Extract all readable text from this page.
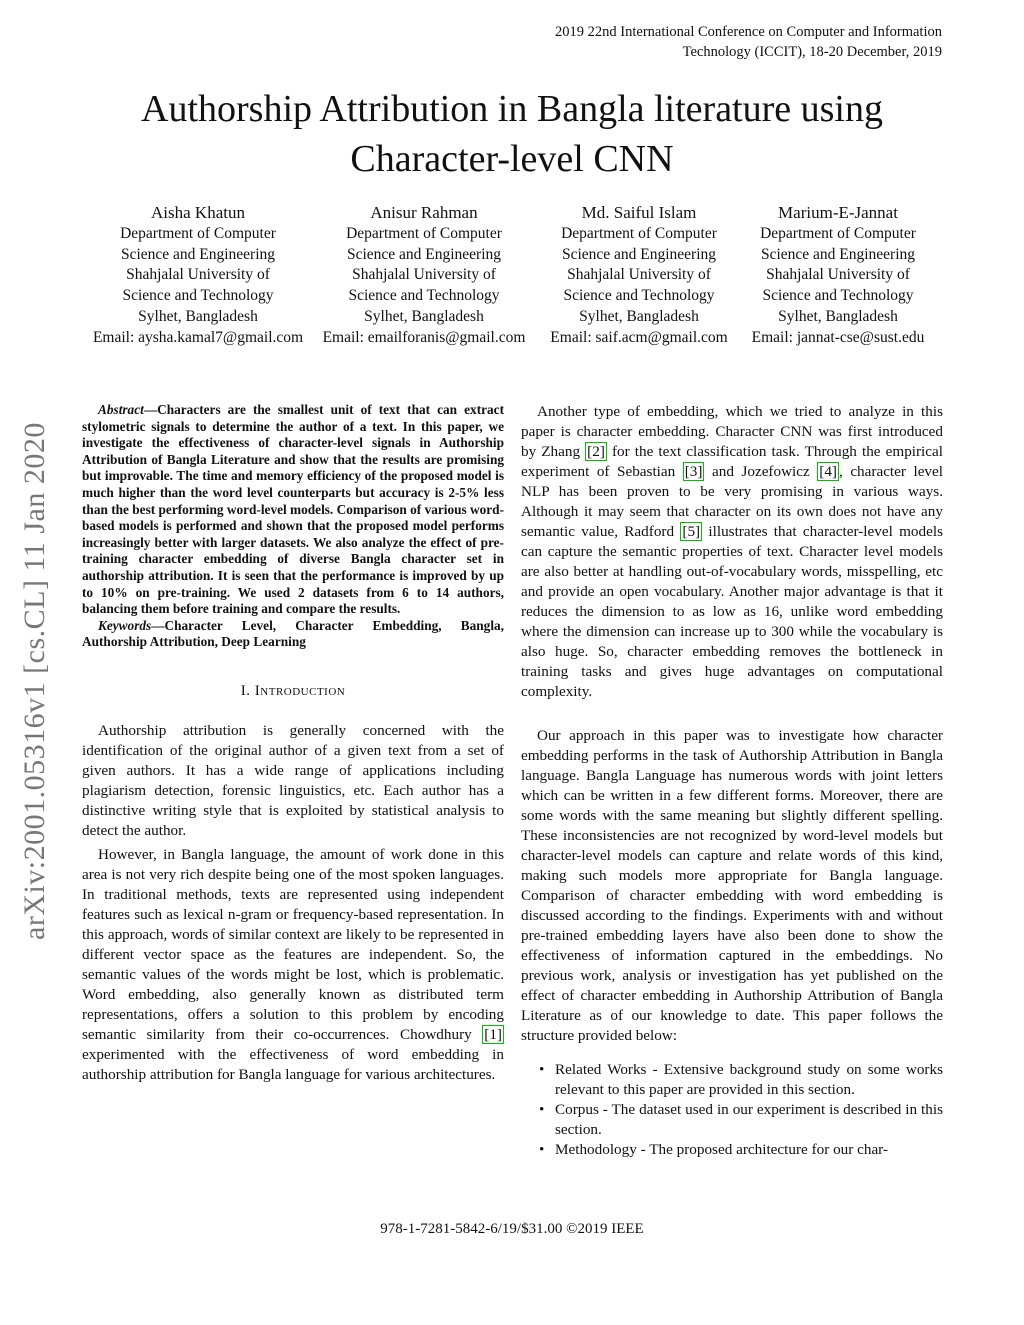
2019 22nd International Conference on Computer and Information
Technology (ICCIT), 18-20 December, 2019
arXiv:2001.05316v1 [cs.CL] 11 Jan 2020
Authorship Attribution in Bangla literature using
Character-level CNN
Aisha Khatun
Department of Computer
Science and Engineering
Shahjalal University of
Science and Technology
Sylhet, Bangladesh
Email: aysha.kamal7@gmail.com
Anisur Rahman
Department of Computer
Science and Engineering
Shahjalal University of
Science and Technology
Sylhet, Bangladesh
Email: emailforanis@gmail.com
Md. Saiful Islam
Department of Computer
Science and Engineering
Shahjalal University of
Science and Technology
Sylhet, Bangladesh
Email: saif.acm@gmail.com
Marium-E-Jannat
Department of Computer
Science and Engineering
Shahjalal University of
Science and Technology
Sylhet, Bangladesh
Email: jannat-cse@sust.edu

Abstract—Characters are the smallest unit of text that can extract stylometric signals to determine the author of a text. In this paper, we investigate the effectiveness of character-level signals in Authorship Attribution of Bangla Literature and show that the results are promising but improvable. The time and memory efficiency of the proposed model is much higher than the word level counterparts but accuracy is 2-5% less than the best performing word-level models. Comparison of various word-based models is performed and shown that the proposed model performs increasingly better with larger datasets. We also analyze the effect of pre-training character embedding of diverse Bangla character set in authorship attribution. It is seen that the performance is improved by up to 10% on pre-training. We used 2 datasets from 6 to 14 authors, balancing them before training and compare the results.

Keywords—Character Level, Character Embedding, Bangla, Authorship Attribution, Deep Learning

I. Introduction

Authorship attribution is generally concerned with the identification of the original author of a given text from a set of given authors. It has a wide range of applications including plagiarism detection, forensic linguistics, etc. Each author has a distinctive writing style that is exploited by statistical analysis to detect the author.

However, in Bangla language, the amount of work done in this area is not very rich despite being one of the most spoken languages. In traditional methods, texts are represented using independent features such as lexical n-gram or frequency-based representation. In this approach, words of similar context are likely to be represented in different vector space as the features are independent. So, the semantic values of the words might be lost, which is problematic. Word embedding, also generally known as distributed term representations, offers a solution to this problem by encoding semantic similarity from their co-occurrences. Chowdhury [1] experimented with the effectiveness of word embedding in authorship attribution for Bangla language for various architectures.

Another type of embedding, which we tried to analyze in this paper is character embedding. Character CNN was first introduced by Zhang [2] for the text classification task. Through the empirical experiment of Sebastian [3] and Jozefowicz [4] , character level NLP has been proven to be very promising in various ways. Although it may seem that character on its own does not have any semantic value, Radford [5] illustrates that character-level models can capture the semantic properties of text. Character level models are also better at handling out-of-vocabulary words, misspelling, etc and provide an open vocabulary. Another major advantage is that it reduces the dimension to as low as 16, unlike word embedding where the dimension can increase up to 300 while the vocabulary is also huge. So, character embedding removes the bottleneck in training tasks and gives huge advantages on computational complexity.

Our approach in this paper was to investigate how character embedding performs in the task of Authorship Attribution in Bangla language. Bangla Language has numerous words with joint letters which can be written in a few different forms. Moreover, there are some words with the same meaning but slightly different spelling. These inconsistencies are not recognized by word-level models but character-level models can capture and relate words of this kind, making such models more appropriate for Bangla language. Comparison of character embedding with word embedding is discussed according to the findings. Experiments with and without pre-trained embedding layers have also been done to show the effectiveness of information captured in the embeddings. No previous work, analysis or investigation has yet published on the effect of character embedding in Authorship Attribution of Bangla Literature as of our knowledge to date. This paper follows the structure provided below:

• Related Works - Extensive background study on some works relevant to this paper are provided in this section.
• Corpus - The dataset used in our experiment is described in this section.
• Methodology - The proposed architecture for our char-
978-1-7281-5842-6/19/$31.00 ©2019 IEEE
